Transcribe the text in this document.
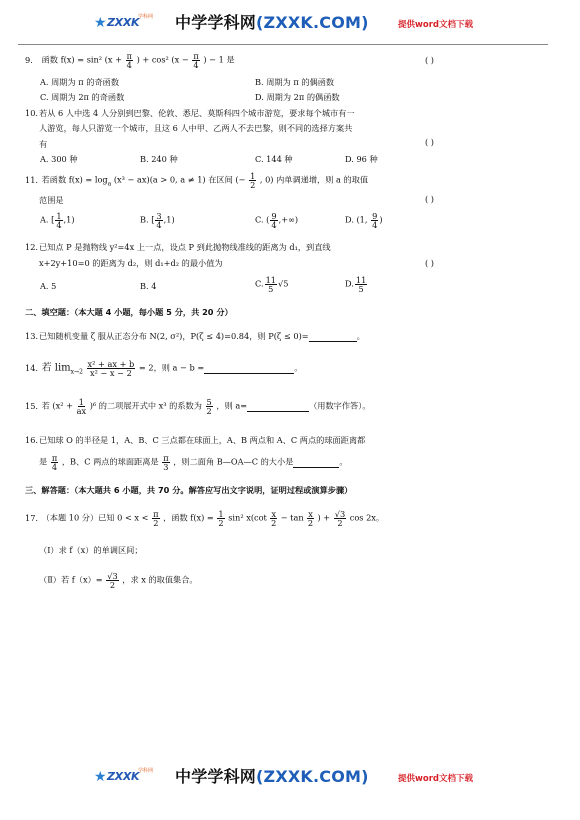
★ ZXXK
学科网 中学学科网(ZXXK.COM)	提供word文档下载
9. 函数 f(x) = sin² ($x + \frac{\pi}{4}$ ) + cos² ($x - \frac{\pi}{4}$ ) − 1 是	( )
A. 周期为 π 的奇函数	B. 周期为 π 的偶函数
C. 周期为 2π 的奇函数	D. 周期为 2π 的偶函数
10.若从 6 人中选 4 人分别到巴黎、伦敦、悉尼、莫斯科四个城市游览，要求每个城市有一
人游览，每人只游览一个城市，且这 6 人中甲、乙两人不去巴黎，则不同的选择方案共
有	( )
A. 300 种	B. 240 种	C. 144 种	D. 96 种
11. 若函数 $f(x) = \log_a (x^3 - ax)(a > 0$, a ≠ 1) 在区间 (− $\frac{1}{2}$ , 0) 内单调递增，则 a 的取值
范围是	( )
A. [ $\frac{1}{4} ,1$)	B. [ $\frac{3}{4} ,1$)	C. ( $\frac{9}{4}$ ,+∞)	D. (1, $\frac{9}{4}$ )
12.已知点 P 是抛物线 y²=4x 上一点，设点 P 到此抛物线准线的距离为 d₁，到直线
x+2y+10=0 的距离为 d₂，则 d₁+d₂ 的最小值为	( )
A. 5	B. 4	C. $\frac{11}{5} √5$	D. $\frac{11}{5}$
二、填空题：（本大题 4 小题，每小题 5 分，共 20 分）
13.已知随机变量 ζ 服从正态分布 N(2, σ²)，P(ζ ≤ 4)=0.84，则 P(ζ ≤ 0)=	。
14. 若 $\lim_{x\to 2} \frac{\text{x² + ax + b}}{\text{x² − x − 2}} = 2$，则 a − b =	。
15. 若 $(x^2 + \frac{1}{ax} )^6$ 的二项展开式中 x³ 的系数为 $\frac{5}{2}$ ，则 a=	（用数字作答）。
16.已知球 O 的半径是 1，A、B、C 三点都在球面上，A、B 两点和 A、C 两点的球面距离都
是 $\frac{\pi}{4}$ ，B、C 两点的球面距离是 $\frac{\pi}{3}$ ，则二面角 B—OA—C 的大小是	。
三、解答题：（本大题共 6 小题，共 70 分。解答应写出文字说明，证明过程或演算步骤）
17. （本题 10 分）已知 $0 < x < \frac{\pi}{2}$ ，函数 $f(x) = \frac{1}{2} \sin^2$ $x(\cot \frac{x}{2} - \tan \frac{x}{2}$ ) + $\frac{√3}{2}$ cos 2x。
（Ⅰ）求 f（x）的单调区间；
（Ⅱ）若 $f(x)= \frac{√3}{2}$ ，求 x 的取值集合。
★ ZXXK
学科网 中学学科网(ZXXK.COM)	提供word文档下载
